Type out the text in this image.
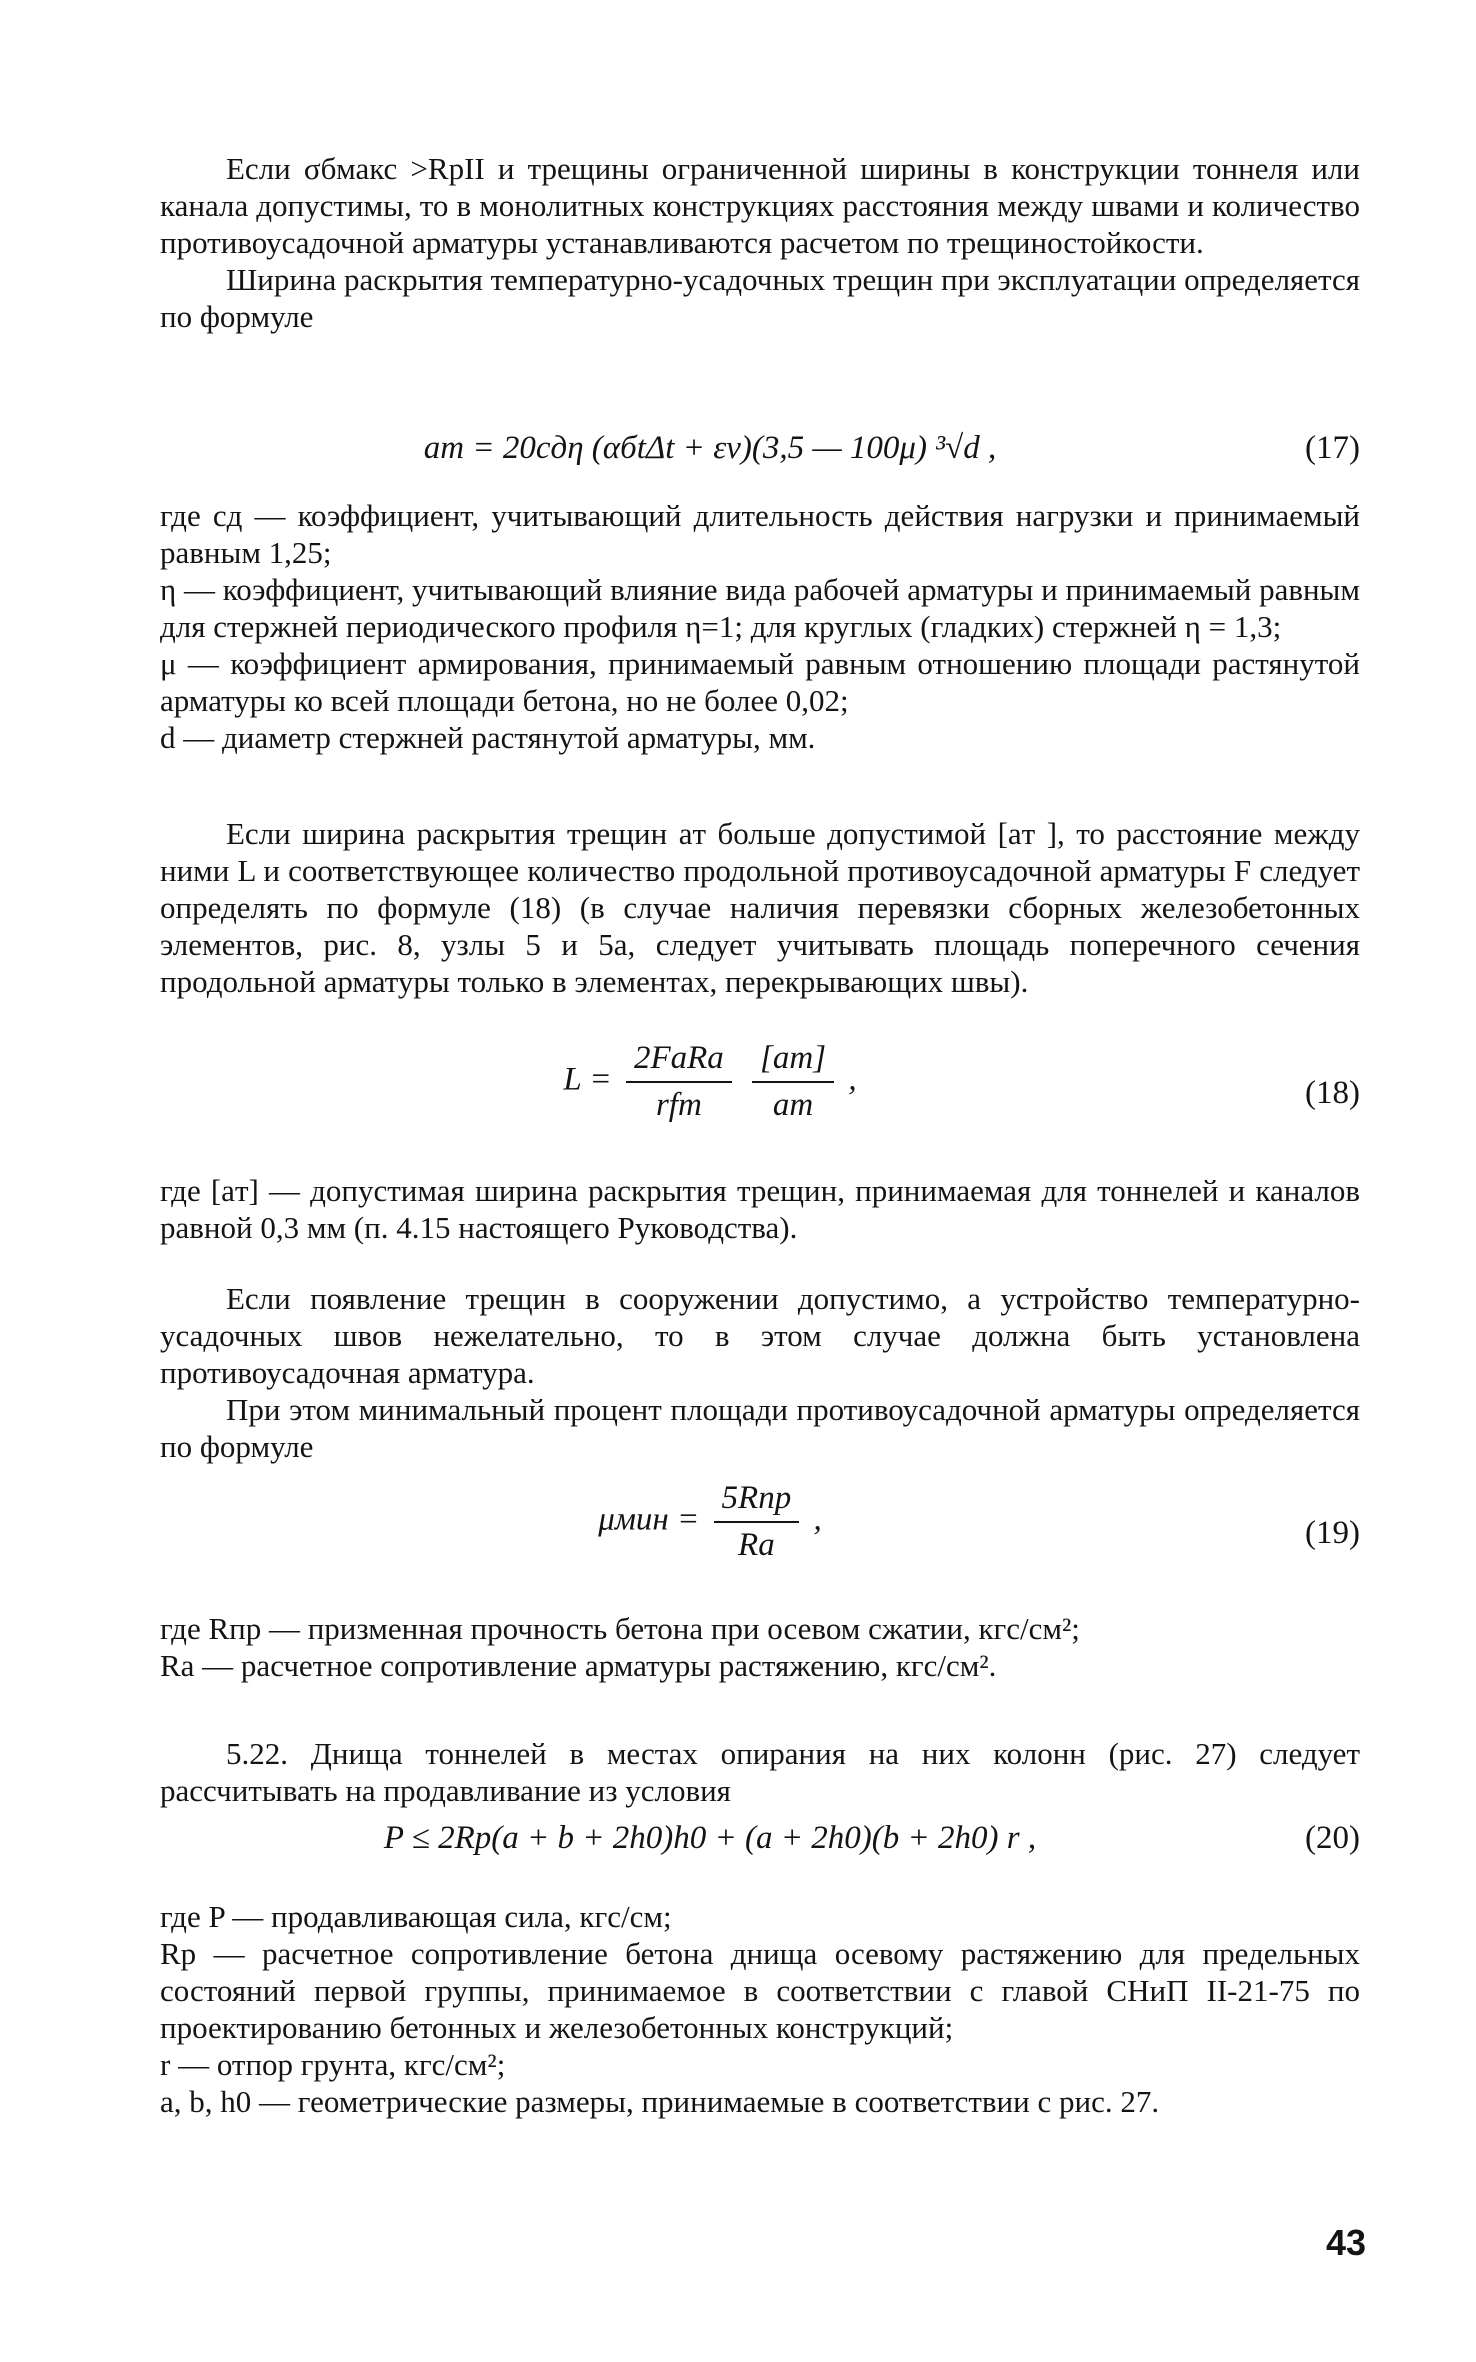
Если σбмакс >RpII и трещины ограниченной ширины в конструкции тоннеля или канала допустимы, то в монолитных конструкциях расстояния между швами и количество противоусадочной арматуры устанавливаются расчетом по трещиностойкости.

Ширина раскрытия температурно-усадочных трещин при эксплуатации определяется по формуле

aт = 20cдη (αбtΔt + εv)(3,5 — 100μ) ³√d ,	(17)

где cд — коэффициент, учитывающий длительность действия нагрузки и принимаемый равным 1,25;

η — коэффициент, учитывающий влияние вида рабочей арматуры и принимаемый равным для стержней периодического профиля η=1; для круглых (гладких) стержней η = 1,3;

μ — коэффициент армирования, принимаемый равным отношению площади растянутой арматуры ко всей площади бетона, но не более 0,02;

d — диаметр стержней растянутой арматуры, мм.

Если ширина раскрытия трещин aт больше допустимой [aт ], то расстояние между ними L и соответствующее количество продольной противоусадочной арматуры F следует определять по формуле (18) (в случае наличия перевязки сборных железобетонных элементов, рис. 8, узлы 5 и 5а, следует учитывать площадь поперечного сечения продольной арматуры только в элементах, перекрывающих швы).

$L = \frac{\text{2FaRa}}{\text{rfт}}$
$\frac{[aт]}{aт}$ ,	(18)

где [aт] — допустимая ширина раскрытия трещин, принимаемая для тоннелей и каналов равной 0,3 мм (п. 4.15 настоящего Руководства).

Если появление трещин в сооружении допустимо, а устройство температурно-усадочных швов нежелательно, то в этом случае должна быть установлена противоусадочная арматура.

При этом минимальный процент площади противоусадочной арматуры определяется по формуле

$\mu мин = \frac{\text{5Rпр}}{Ra}$ ,	(19)

где Rпр — призменная прочность бетона при осевом сжатии, кгс/см²;

Ra — расчетное сопротивление арматуры растяжению, кгс/см².

5.22. Днища тоннелей в местах опирания на них колонн (рис. 27) следует рассчитывать на продавливание из условия

P ≤ 2Rp(a + b + 2h0)h0 + (a + 2h0)(b + 2h0) r ,	(20)

где P — продавливающая сила, кгс/см;

Rp — расчетное сопротивление бетона днища осевому растяжению для предельных состояний первой группы, принимаемое в соответствии с главой СНиП II-21-75 по проектированию бетонных и железобетонных конструкций;

r — отпор грунта, кгс/см²;

a, b, h0 — геометрические размеры, принимаемые в соответствии с рис. 27.

43
